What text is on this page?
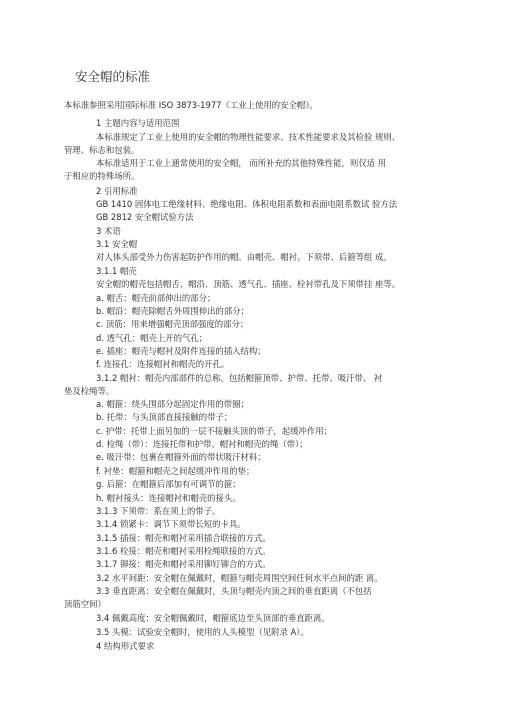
安全帽的标准
本标准参照采用国际标准 ISO 3873-1977《工业上使用的安全帽》。
1 主题内容与适用范围
本标准规定了工业上使用的安全帽的物理性能要求、技术性能要求及其检验 规则、
管理、标志和包装。
本标准适用于工业上通常使用的安全帽， 而所补充的其他特殊性能，则仅适 用
于相应的特殊场所。
2 引用标准
GB 1410 固体电工绝缘材料、绝缘电阻、体积电阻系数和表面电阻系数试 验方法
GB 2812 安全帽试验方法
3 术语
3.1 安全帽
对人体头部受外力伤害起防护作用的帽。由帽壳、帽衬、下须带、后箍等组 成。
3.1.1 帽壳
安全帽的帽壳包括帽舌、帽沿、顶筋、透气孔、插座、栓衬带孔及下须带挂 座等。
a. 帽舌：帽壳前部伸出的部分；
b. 帽沿：帽壳除帽舌外周围伸出的部分；
c. 顶筋：用来增强帽壳顶部强度的部分；
d. 透气孔：帽壳上开的气孔；
e. 插座：帽壳与帽衬及附件连接的插入结构；
f. 连接孔：连接帽衬和帽壳的开孔。
3.1.2 帽衬：帽壳内部部件的总称。包括帽箍顶带、护带、托带、吸汗带、 衬
垫及栓绳等。
a. 帽箍：绕头围部分起固定作用的带圈；
b. 托带：与头顶部直接接触的带子；
c. 护带：托带上面另加的一层不接触头顶的带子，起缓冲作用；
d. 栓绳（带）：连接托带和护带、帽衬和帽壳的绳（带）；
e. 吸汗带：包裹在帽箍外面的带状吸汗材料；
f. 衬垫：帽箍和帽壳之间起缓冲作用的垫；
g. 后箍：在帽箍后部加有可调节的箍；
h. 帽衬接头：连接帽衬和帽壳的接头。
3.1.3 下须带：系在须上的带子。
3.1.4 锁紧卡：调节下须带长短的卡具。
3.1.5 插接：帽壳和帽衬采用插合联接的方式。
3.1.6 栓接：帽壳和帽衬采用栓绳联接的方式。
3.1.7 铆接：帽壳和帽衬采用铆钉铆合的方式。
3.2 水平间距：安全帽在佩戴时，帽箍与帽壳周围空间任何水平点间的距 离。
3.3 垂直距离：安全帽在佩戴时，头顶与帽壳内顶之间的垂直距离（不包括
顶筋空间）
3.4 佩戴高度：安全帽佩戴时，帽箍底边至头顶部的垂直距离。
3.5 头模：试验安全帽时，使用的人头模型（见附录 A）。
4 结构形式要求
